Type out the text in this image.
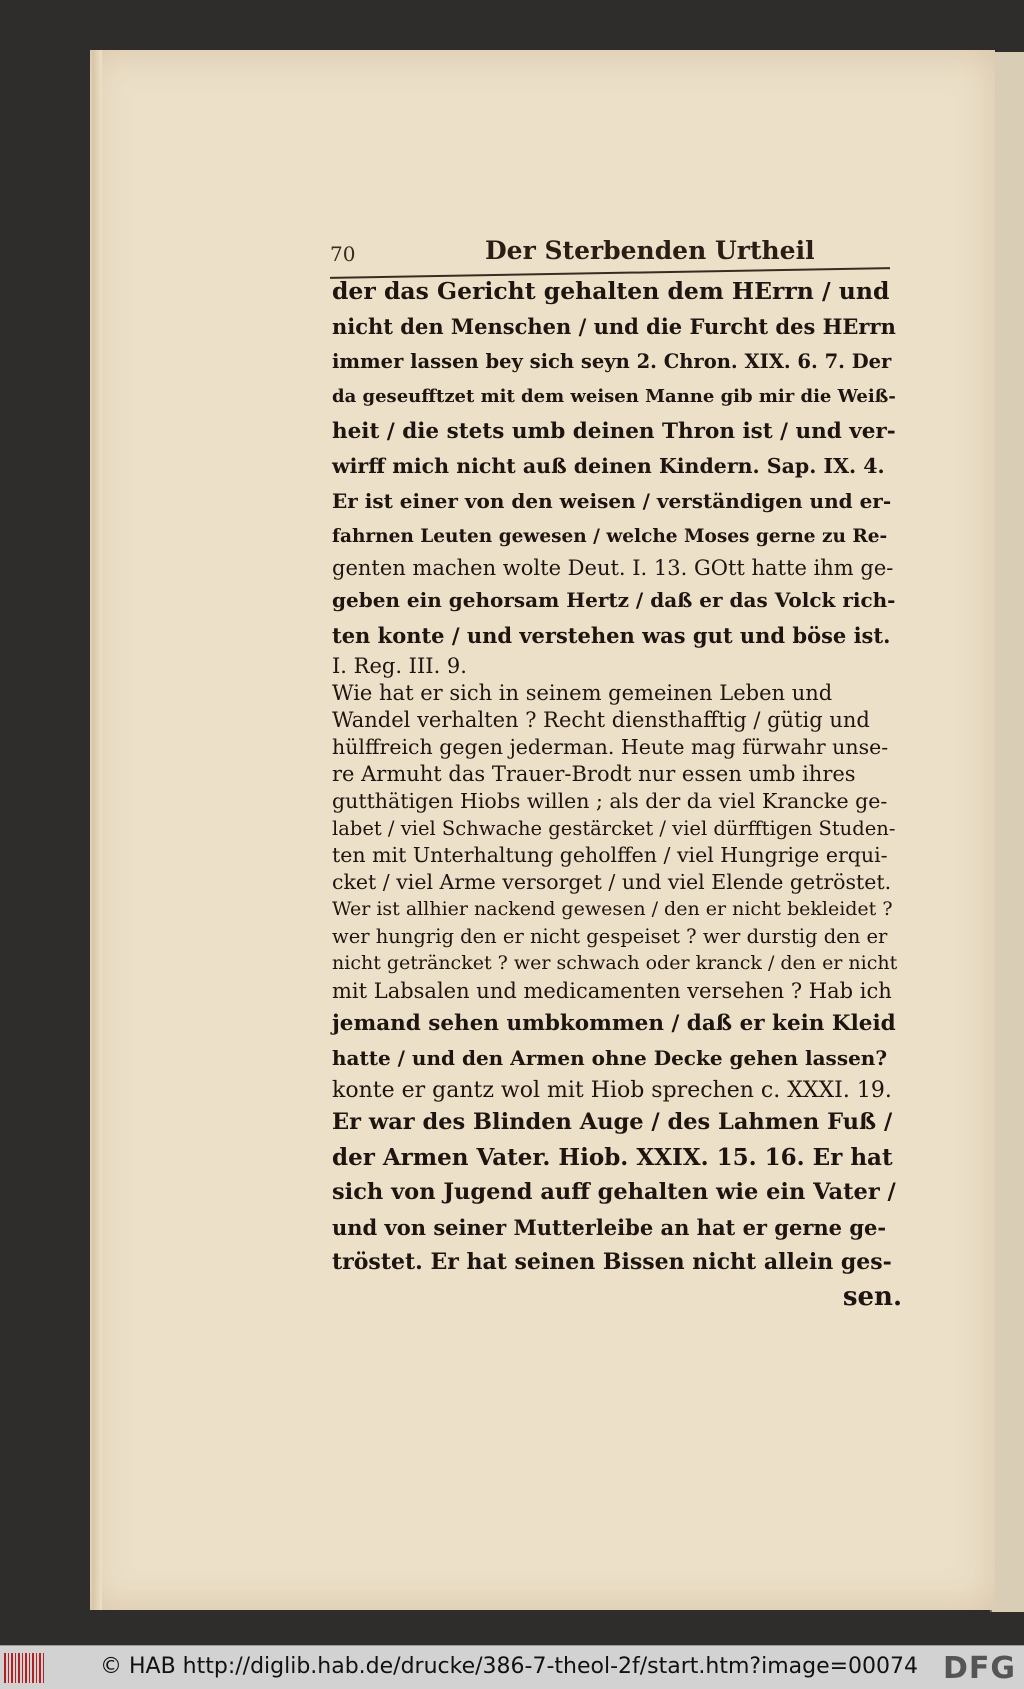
70	Der Sterbenden Urtheil
der das Gericht gehalten dem HErrn / und
nicht den Menschen / und die Furcht des HErrn
immer lassen bey sich seyn 2. Chron. XIX. 6. 7. Der
da geseufftzet mit dem weisen Manne gib mir die Weiß-
heit / die stets umb deinen Thron ist / und ver-
wirff mich nicht auß deinen Kindern. Sap. IX. 4.
Er ist einer von den weisen / verständigen und er-
fahrnen Leuten gewesen / welche Moses gerne zu Re-
genten machen wolte Deut. I. 13. GOtt hatte ihm ge-
geben ein gehorsam Hertz / daß er das Volck rich-
ten konte / und verstehen was gut und böse ist.
I. Reg. III. 9.
Wie hat er sich in seinem gemeinen Leben und
Wandel verhalten ? Recht diensthafftig / gütig und
hülffreich gegen jederman. Heute mag fürwahr unse-
re Armuht das Trauer-Brodt nur essen umb ihres
gutthätigen Hiobs willen ; als der da viel Krancke ge-
labet / viel Schwache gestärcket / viel dürfftigen Studen-
ten mit Unterhaltung geholffen / viel Hungrige erqui-
cket / viel Arme versorget / und viel Elende getröstet.
Wer ist allhier nackend gewesen / den er nicht bekleidet ?
wer hungrig den er nicht gespeiset ? wer durstig den er
nicht geträncket ? wer schwach oder kranck / den er nicht
mit Labsalen und medicamenten versehen ? Hab ich
jemand sehen umbkommen / daß er kein Kleid
hatte / und den Armen ohne Decke gehen lassen?
konte er gantz wol mit Hiob sprechen c. XXXI. 19.
Er war des Blinden Auge / des Lahmen Fuß /
der Armen Vater. Hiob. XXIX. 15. 16. Er hat
sich von Jugend auff gehalten wie ein Vater /
und von seiner Mutterleibe an hat er gerne ge-
tröstet. Er hat seinen Bissen nicht allein ges-
sen.
© HAB http://diglib.hab.de/drucke/386-7-theol-2f/start.htm?image=00074 DFG
